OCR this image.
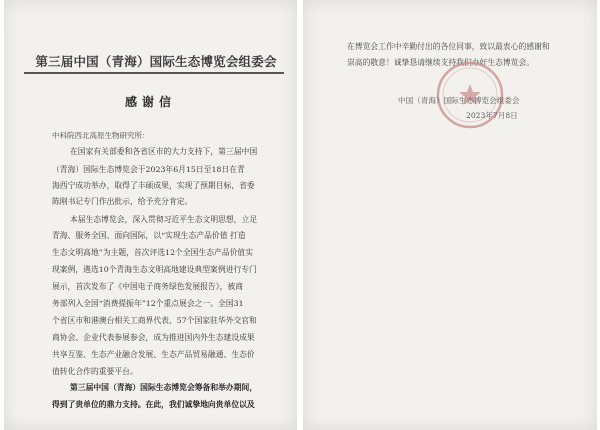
第三届中国（青海）国际生态博览会组委会
感谢信
中科院西北高原生物研究所：
在国家有关部委和各省区市的大力支持下，第三届中国
（青海）国际生态博览会于2023年6月15日至18日在青
海西宁成功举办，取得了丰硕成果，实现了预期目标，省委
陈刚书记专门作出批示，给予充分肯定。
本届生态博览会，深入贯彻习近平生态文明思想，立足
青海、服务全国、面向国际，以“实现生态产品价值 打造
生态文明高地”为主题，首次评选12个全国生态产品价值实
现案例，遴选10个青海生态文明高地建设典型案例进行专门
展示，首次发布了《中国电子商务绿色发展报告》，被商
务部列入全国“消费提振年”12个重点展会之一。全国31
个省区市和港澳台相关工商界代表、57个国家驻华外交官和
商协会、企业代表参展参会，成为推进国内外生态建设成果
共享互鉴、生态产业融合发展、生态产品贸易融通、生态价
值转化合作的重要平台。
第三届中国（青海）国际生态博览会筹备和举办期间，
得到了贵单位的鼎力支持。在此，我们诚挚地向贵单位以及
在博览会工作中辛勤付出的各位同事，致以最衷心的感谢和
崇高的敬意！诚挚恳请继续支持我们办好生态博览会。
中国（青海）国际生态博览会组委会
2023年7月8日
